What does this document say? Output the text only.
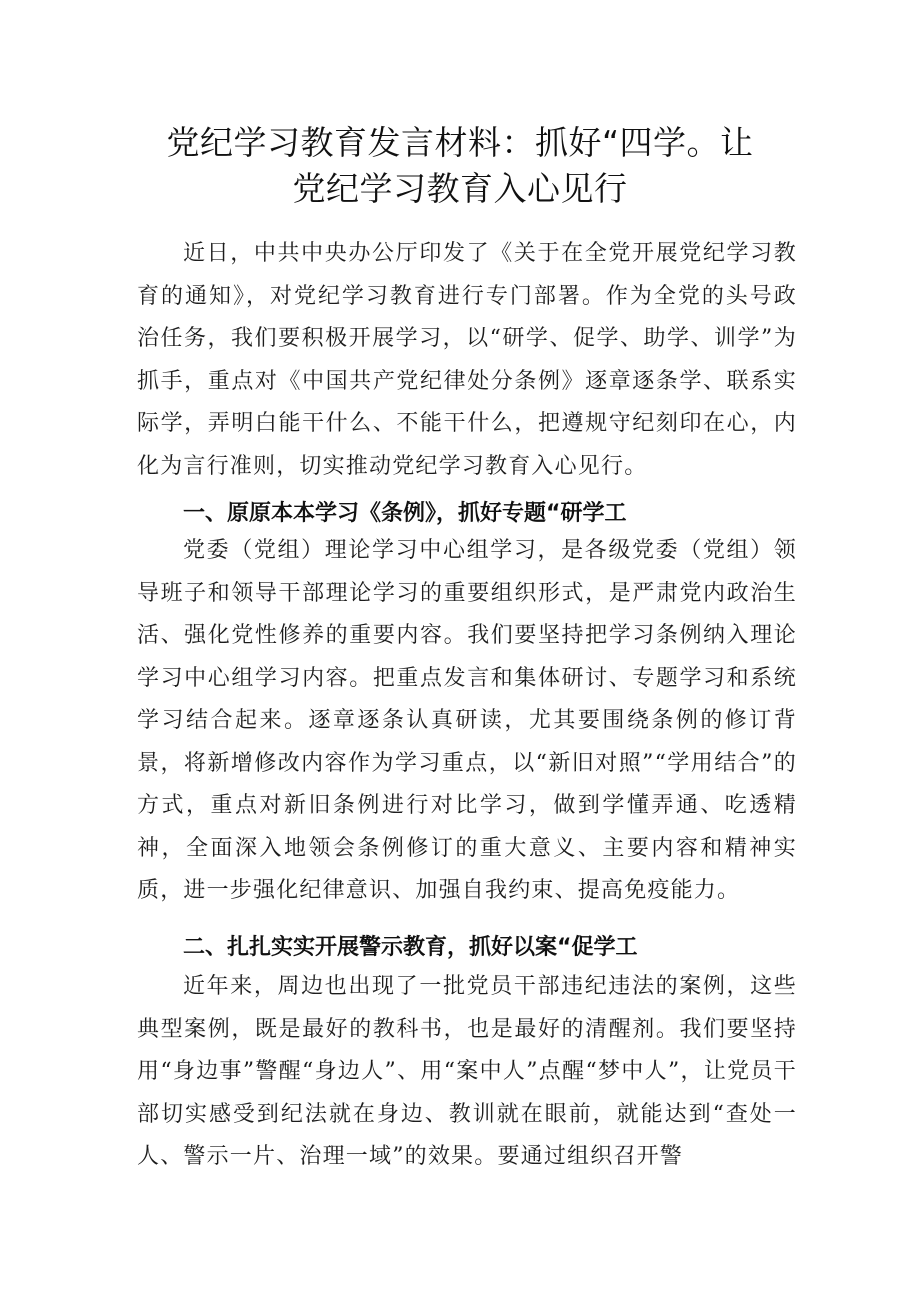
党纪学习教育发言材料：抓好“四学。让
党纪学习教育入心见行

近日，中共中央办公厅印发了《关于在全党开展党纪学习教育的通知》，对党纪学习教育进行专门部署。作为全党的头号政治任务，我们要积极开展学习，以“研学、促学、助学、训学”为抓手，重点对《中国共产党纪律处分条例》逐章逐条学、联系实际学，弄明白能干什么、不能干什么，把遵规守纪刻印在心，内化为言行准则，切实推动党纪学习教育入心见行。

一、原原本本学习《条例》，抓好专题“研学工

党委（党组）理论学习中心组学习，是各级党委（党组）领导班子和领导干部理论学习的重要组织形式，是严肃党内政治生活、强化党性修养的重要内容。我们要坚持把学习条例纳入理论学习中心组学习内容。把重点发言和集体研讨、专题学习和系统学习结合起来。逐章逐条认真研读，尤其要围绕条例的修订背景，将新增修改内容作为学习重点，以“新旧对照”“学用结合”的方式，重点对新旧条例进行对比学习，做到学懂弄通、吃透精神，全面深入地领会条例修订的重大意义、主要内容和精神实质，进一步强化纪律意识、加强自我约束、提高免疫能力。

二、扎扎实实开展警示教育，抓好以案“促学工

近年来，周边也出现了一批党员干部违纪违法的案例，这些典型案例，既是最好的教科书，也是最好的清醒剂。我们要坚持用“身边事”警醒“身边人”、用“案中人”点醒“梦中人”，让党员干部切实感受到纪法就在身边、教训就在眼前，就能达到“查处一人、警示一片、治理一域”的效果。要通过组织召开警
